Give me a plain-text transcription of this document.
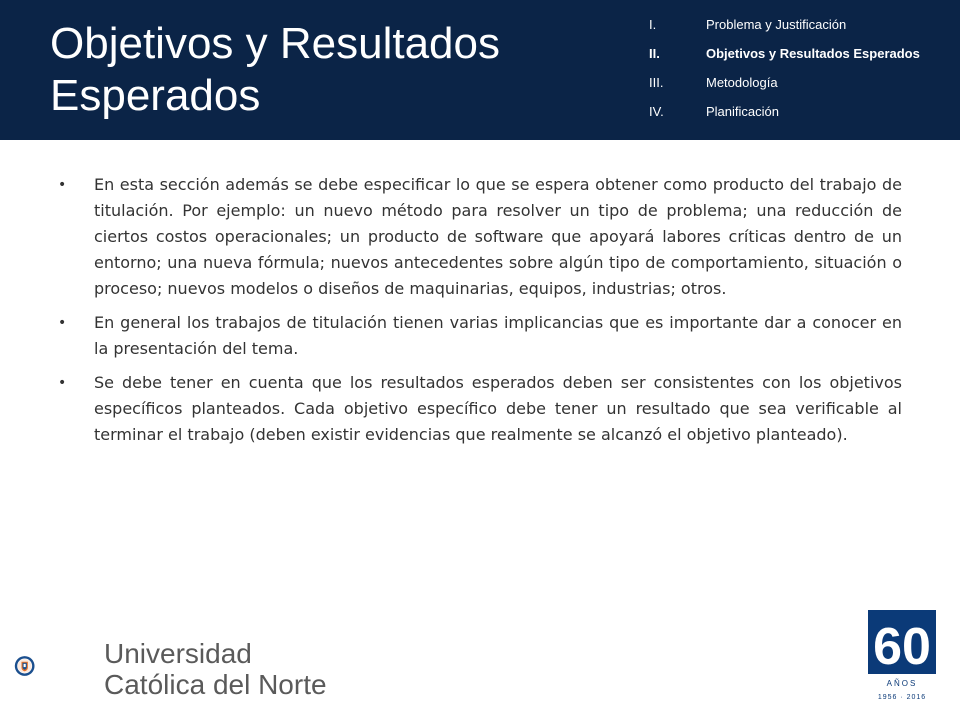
Objetivos y Resultados Esperados
I.	Problema y Justificación
II.	Objetivos y Resultados Esperados
III.	Metodología
IV.	Planificación
• En esta sección además se debe especificar lo que se espera obtener como producto del trabajo de titulación. Por ejemplo: un nuevo método para resolver un tipo de problema; una reducción de ciertos costos operacionales; un producto de software que apoyará labores críticas dentro de un entorno; una nueva fórmula; nuevos antecedentes sobre algún tipo de comportamiento, situación o proceso; nuevos modelos o diseños de maquinarias, equipos, industrias; otros.
• En general los trabajos de titulación tienen varias implicancias que es importante dar a conocer en la presentación del tema.
• Se debe tener en cuenta que los resultados esperados deben ser consistentes con los objetivos específicos planteados. Cada objetivo específico debe tener un resultado que sea verificable al terminar el trabajo (deben existir evidencias que realmente se alcanzó el objetivo planteado).
Universidad
Católica del Norte
60
AÑOS
1956 · 2016
